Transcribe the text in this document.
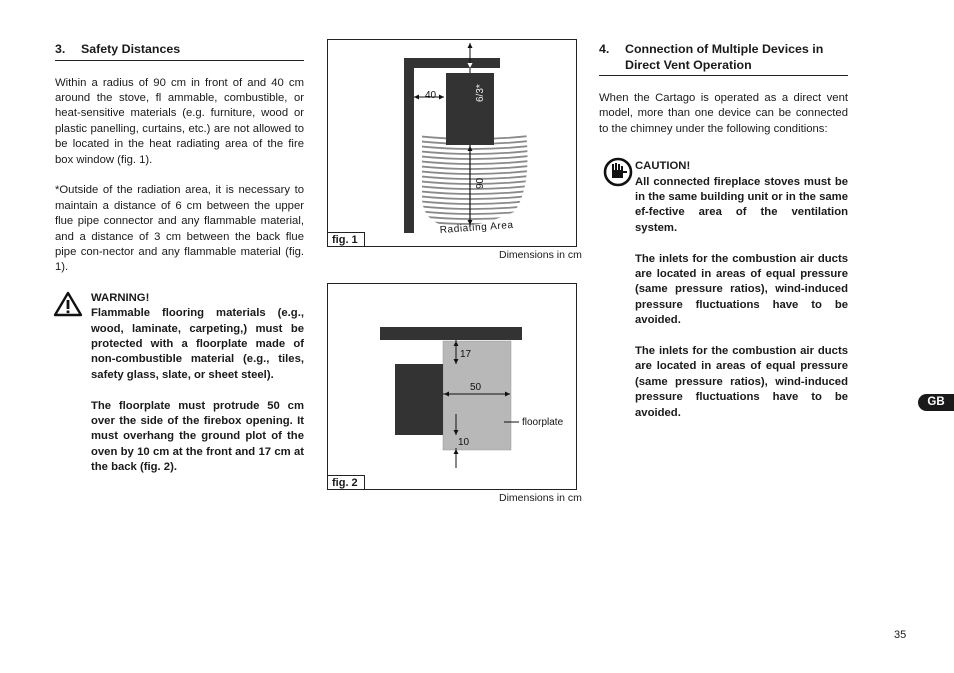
3. Safety Distances

Within a radius of 90 cm in front of and 40 cm around the stove, fl ammable, combustible, or heat-sensitive materials (e.g. furniture, wood or plastic panelling, curtains, etc.) are not allowed to be located in the heat radiating area of the fire box window (fig. 1).

*Outside of the radiation area, it is necessary to maintain a distance of 6 cm between the upper flue pipe connector and any flammable material, and a distance of 3 cm between the back flue pipe con-nector and any flammable material (fig. 1).

WARNING!

Flammable flooring materials (e.g., wood, laminate, carpeting,) must be protected with a floorplate made of non-combustible material (e.g., tiles, safety glass, slate, or sheet steel).

The floorplate must protrude 50 cm over the side of the firebox opening. It must overhang the ground plot of the oven by 10 cm at the front and 17 cm at the back (fig. 2).

40	6/3*
90
Radiating Area
fig. 1
Dimensions in cm
17
50
10
floorplate
fig. 2
Dimensions in cm
4. Connection of Multiple Devices in
Direct Vent Operation

When the Cartago is operated as a direct vent model, more than one device can be connected to the chimney under the following conditions:

CAUTION!

All connected fireplace stoves must be in the same building unit or in the same ef-fective area of the ventilation system.

The inlets for the combustion air ducts are located in areas of equal pressure (same pressure ratios), wind-induced pressure fluctuations have to be avoided.

The inlets for the combustion air ducts are located in areas of equal pressure (same pressure ratios), wind-induced pressure fluctuations have to be avoided.

GB
35
